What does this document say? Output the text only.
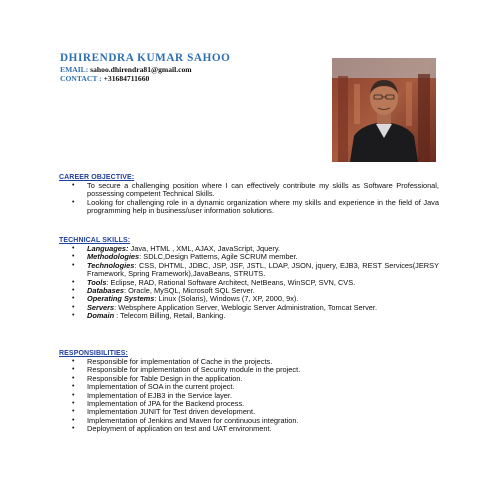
DHIRENDRA KUMAR SAHOO
EMAIL: sahoo.dhirendra81@gmail.com
CONTACT : +31684711660
CAREER OBJECTIVE:
• To secure a challenging position where I can effectively contribute my skills as Software Professional, possessing competent Technical Skills.
• Looking for challenging role in a dynamic organization where my skills and experience in the field of Java programming help in business/user information solutions.
TECHNICAL SKILLS:
• Languages: Java, HTML , XML, AJAX, JavaScript, Jquery.
• Methodologies: SDLC,Design Patterns, Agile SCRUM member.
• Technologies: CSS, DHTML, JDBC, JSP, JSF, JSTL, LDAP, JSON, jquery, EJB3, REST Services(JERSY Framework, Spring Framework),JavaBeans, STRUTS.
• Tools: Eclipse, RAD, Rational Software Architect, NetBeans, WinSCP, SVN, CVS.
• Databases: Oracle, MySQL, Microsoft SQL Server.
• Operating Systems: Linux (Solaris), Windows (7, XP, 2000, 9x).
• Servers: Websphere Application Server, Weblogic Server Administration, Tomcat Server.
• Domain : Telecom Billing, Retail, Banking.
RESPONSIBILITIES:
• Responsible for implementation of Cache in the projects.
• Responsible for implementation of Security module in the project.
• Responsible for Table Design in the application.
• Implementation of SOA in the current project.
• Implementation of EJB3 in the Service layer.
• Implementation of JPA for the Backend process.
• Implementation JUNIT for Test driven development.
• Implementation of Jenkins and Maven for continuous integration.
• Deployment of application on test and UAT environment.
